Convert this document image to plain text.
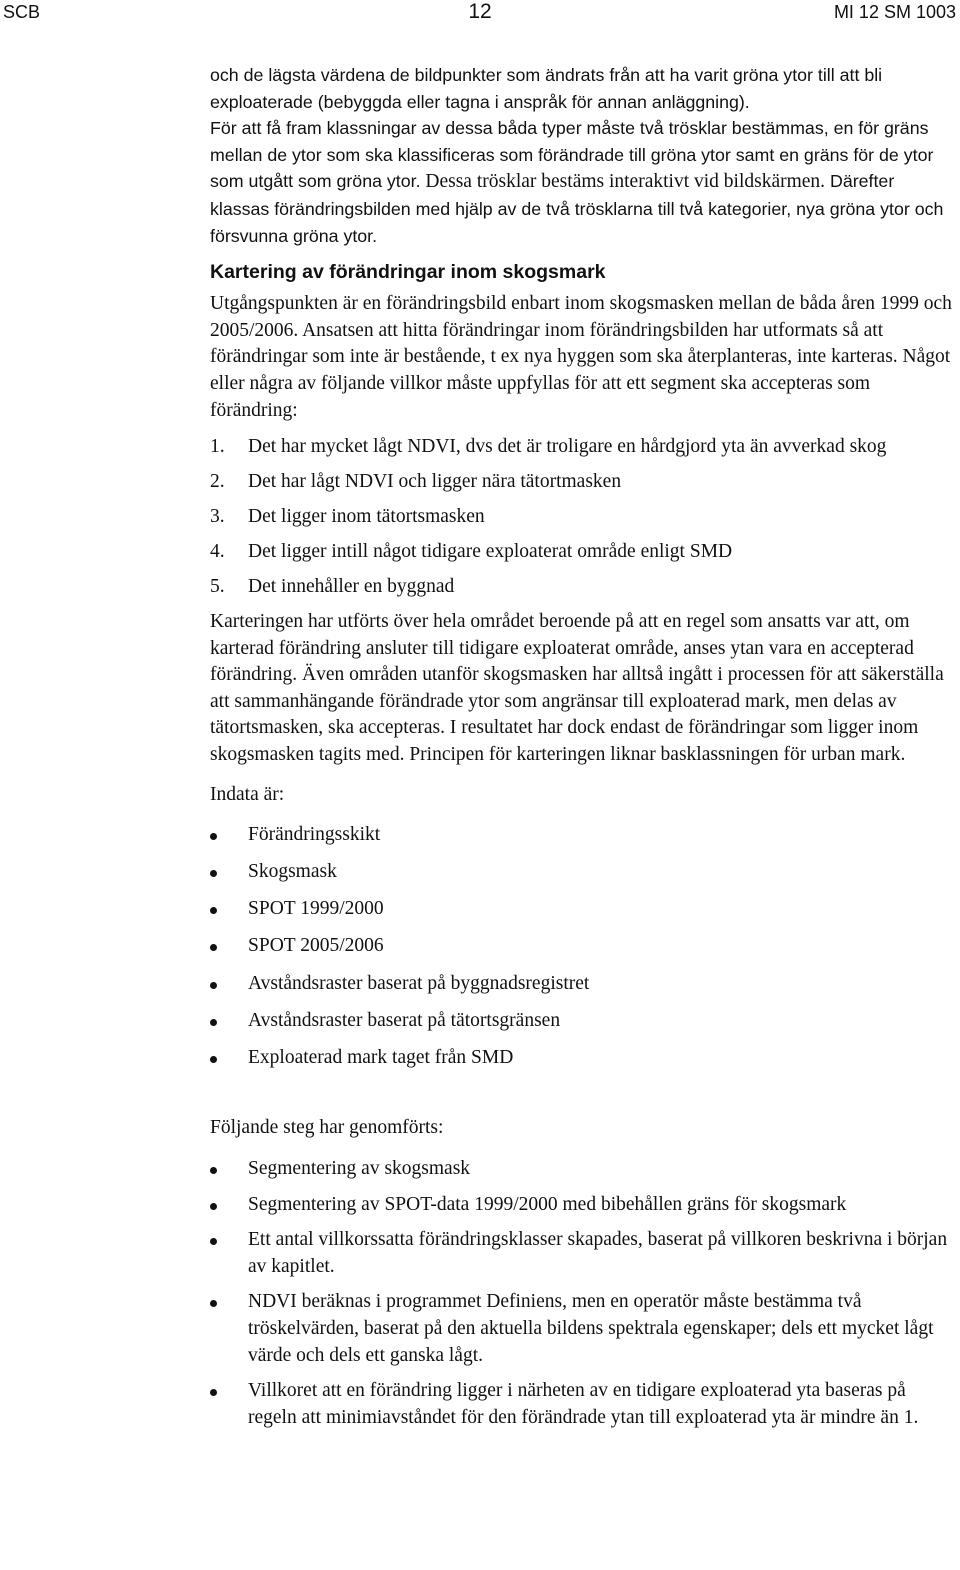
SCB	12	MI 12 SM 1003

och de lägsta värdena de bildpunkter som ändrats från att ha varit gröna ytor till att bli exploaterade (bebyggda eller tagna i anspråk för annan anläggning).

För att få fram klassningar av dessa båda typer måste två trösklar bestämmas, en för gräns mellan de ytor som ska klassificeras som förändrade till gröna ytor samt en gräns för de ytor som utgått som gröna ytor. Dessa trösklar bestäms interaktivt vid bildskärmen. Därefter klassas förändringsbilden med hjälp av de två trösklarna till två kategorier, nya gröna ytor och försvunna gröna ytor.

Kartering av förändringar inom skogsmark

Utgångspunkten är en förändringsbild enbart inom skogsmasken mellan de båda åren 1999 och 2005/2006. Ansatsen att hitta förändringar inom förändringsbilden har utformats så att förändringar som inte är bestående, t ex nya hyggen som ska återplanteras, inte karteras. Något eller några av följande villkor måste uppfyllas för att ett segment ska accepteras som förändring:

1. Det har mycket lågt NDVI, dvs det är troligare en hårdgjord yta än avverkad skog
2. Det har lågt NDVI och ligger nära tätortmasken
3. Det ligger inom tätortsmasken
4. Det ligger intill något tidigare exploaterat område enligt SMD
5. Det innehåller en byggnad

Karteringen har utförts över hela området beroende på att en regel som ansatts var att, om karterad förändring ansluter till tidigare exploaterat område, anses ytan vara en accepterad förändring. Även områden utanför skogsmasken har alltså ingått i processen för att säkerställa att sammanhängande förändrade ytor som angränsar till exploaterad mark, men delas av tätortsmasken, ska accepteras. I resultatet har dock endast de förändringar som ligger inom skogsmasken tagits med. Principen för karteringen liknar basklassningen för urban mark.

Indata är:

Förändringsskikt
Skogsmask
SPOT 1999/2000
SPOT 2005/2006
Avståndsraster baserat på byggnadsregistret
Avståndsraster baserat på tätortsgränsen
Exploaterad mark taget från SMD

Följande steg har genomförts:

Segmentering av skogsmask
Segmentering av SPOT-data 1999/2000 med bibehållen gräns för skogsmark
Ett antal villkorssatta förändringsklasser skapades, baserat på villkoren beskrivna i början av kapitlet.
NDVI beräknas i programmet Definiens, men en operatör måste bestämma två tröskelvärden, baserat på den aktuella bildens spektrala egenskaper; dels ett mycket lågt värde och dels ett ganska lågt.
Villkoret att en förändring ligger i närheten av en tidigare exploaterad yta baseras på regeln att minimiavståndet för den förändrade ytan till exploaterad yta är mindre än 1.
